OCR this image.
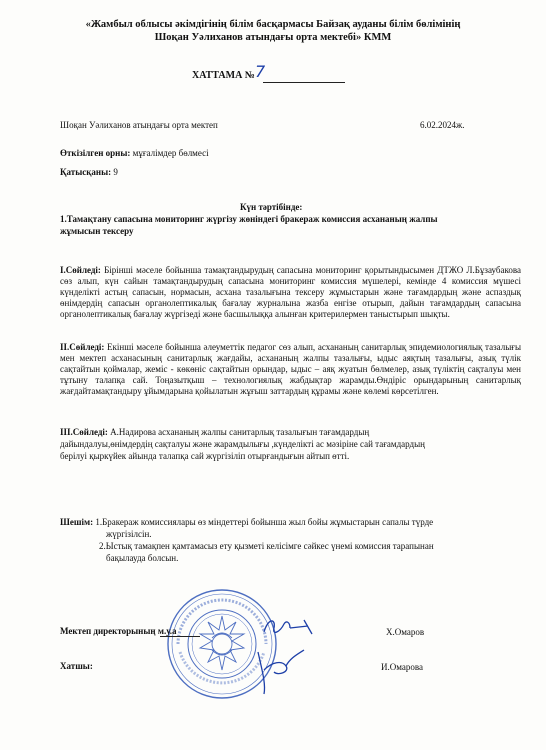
«Жамбыл облысы әкімдігінің білім басқармасы Байзақ ауданы білім бөлімінің
Шоқан Уәлиханов атындағы орта мектебі» КММ
ХАТТАМА № 7
Шоқан Уәлиханов атындағы орта мектеп	6.02.2024ж.
Өткізілген орны: мұғалімдер бөлмесі
Қатысқаны: 9
Күн тәртібінде:
1.Тамақтану сапасына мониторинг жүргізу жөніндегі бракераж комиссия асхананың жалпы
жұмысын тексеру
I.Сөйледі: Бірінші мәселе бойынша тамақтандырудың сапасына мониторинг қорытындысымен ДТЖО Л.Бұзаубакова сөз алып, күн сайын тамақтандырудың сапасына мониторинг комиссия мүшелері, кемінде 4 комиссия мүшесі күнделікті астың сапасын, нормасын, асхана тазалығына тексеру жұмыстарын және тағамдардың және аспаздық өнімдердің сапасын органолептикалық бағалау журналына жазба енгізе отырып, дайын тағамдардың сапасына органолептикалық бағалау жүргізеді және басшылыққа алынған критерилермен таныстырып шықты.
II.Сөйледі: Екінші мәселе бойынша әлеуметтік педагог сөз алып, асхананың санитарлық эпидемиологиялық тазалығы мен мектеп асханасының санитарлық жағдайы, асхананың жалпы тазалығы, ыдыс аяқтың тазалығы, азық түлік сақтайтын қоймалар, жеміс - көкөніс сақтайтын орындар, ыдыс – аяқ жуатын бөлмелер, азық түліктің сақталуы мен тұтыну талапқа сай. Тоңазытқыш – технологиялық жабдықтар жарамды.Өндіріс орындарының санитарлық жағдайтамақтандыру ұйымдарына қойылатын жұғыш заттардың құрамы және көлемі көрсетілген.
III.Сөйледі: А.Надирова асхананың жалпы санитарлық тазалығын тағамдардың
дайындалуы,өнімдердің сақталуы және жарамдылығы ,күнделікті ас мәзірінe сай тағамдардың
берілуі қыркүйек айында талапқа сай жүргізіліп отырғандығын айтып өтті.
Шешім: 1.Бракераж комиссиялары өз міндеттері бойынша жыл бойы жұмыстарын сапалы түрде
жүргізілсін.
2.Ыстық тамақпен қамтамасыз ету қызметі келісімге сәйкес үнемі комиссия тарапынан
бақылауда болсын.
Мектеп директорының м.у.а	Х.Омаров
Хатшы:	И.Омарова
